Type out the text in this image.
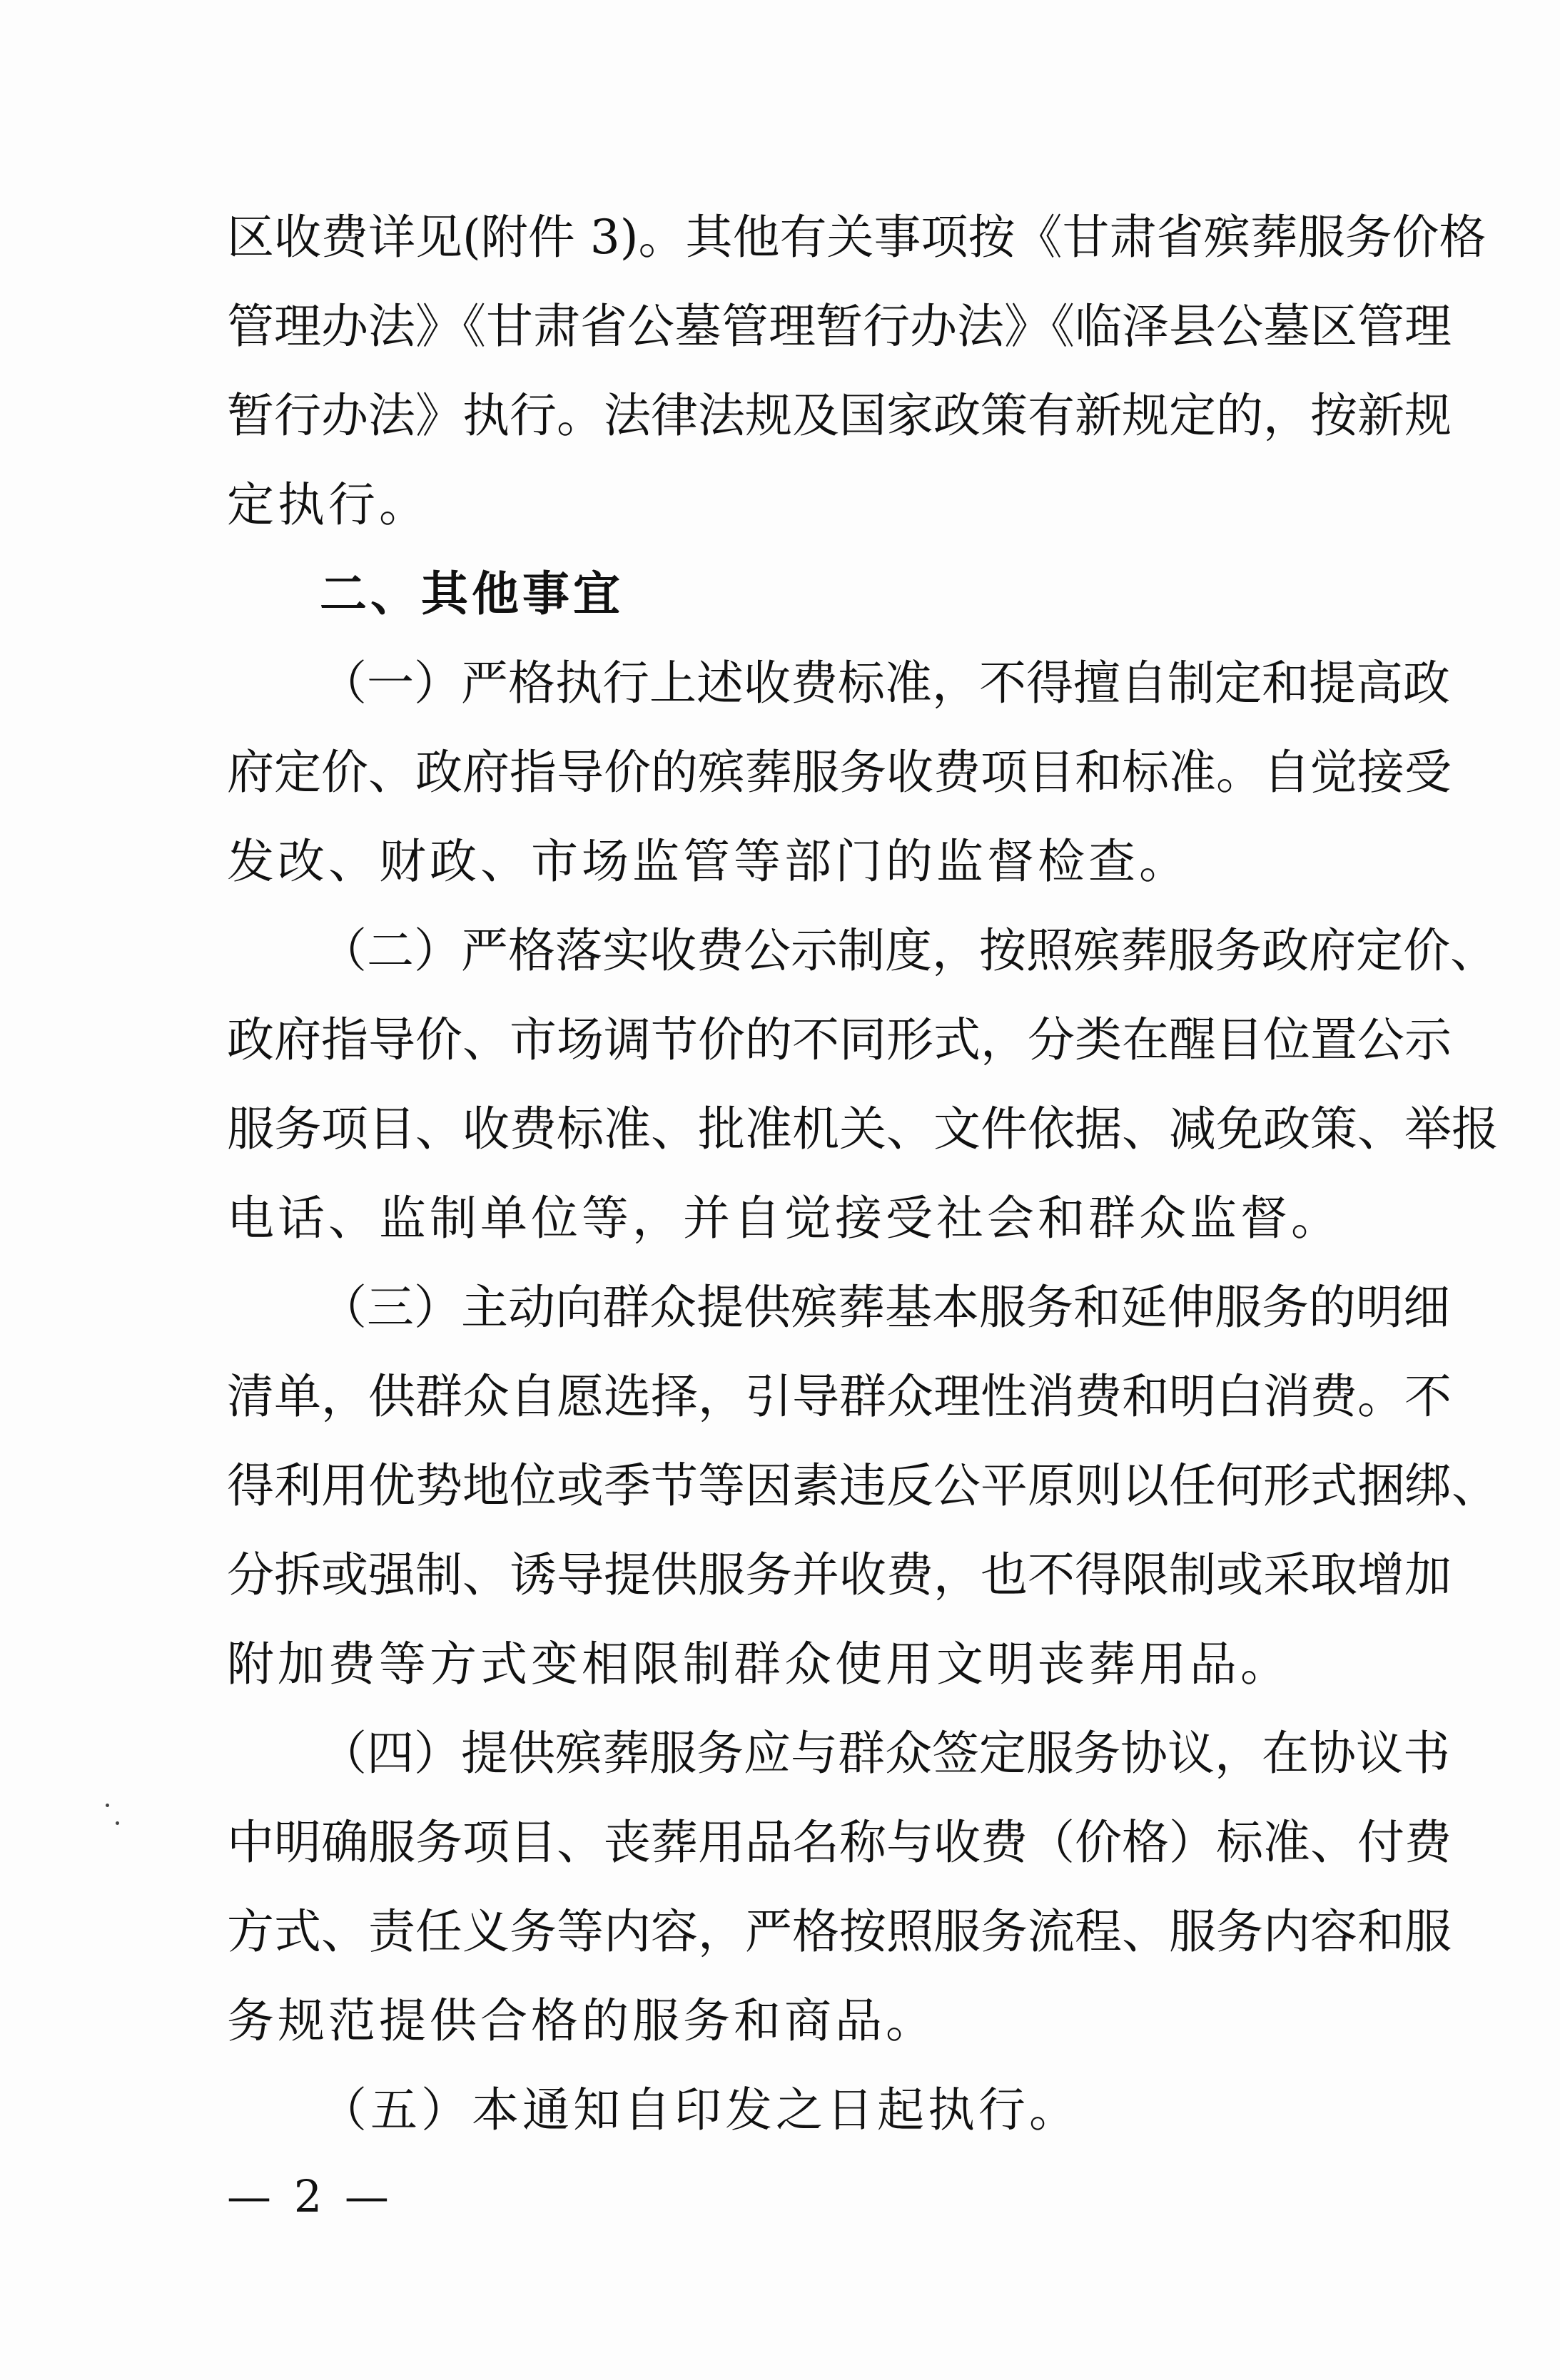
区收费详见(附件 3)。其他有关事项按《甘肃省殡葬服务价格
管理办法》《甘肃省公墓管理暂行办法》《临泽县公墓区管理
暂行办法》执行。法律法规及国家政策有新规定的，按新规
定执行。
二、其他事宜
（一）严格执行上述收费标准，不得擅自制定和提高政
府定价、政府指导价的殡葬服务收费项目和标准。自觉接受
发改、财政、市场监管等部门的监督检查。
（二）严格落实收费公示制度，按照殡葬服务政府定价、
政府指导价、市场调节价的不同形式，分类在醒目位置公示
服务项目、收费标准、批准机关、文件依据、减免政策、举报
电话、监制单位等，并自觉接受社会和群众监督。
（三）主动向群众提供殡葬基本服务和延伸服务的明细
清单，供群众自愿选择，引导群众理性消费和明白消费。不
得利用优势地位或季节等因素违反公平原则以任何形式捆绑、
分拆或强制、诱导提供服务并收费，也不得限制或采取增加
附加费等方式变相限制群众使用文明丧葬用品。
（四）提供殡葬服务应与群众签定服务协议，在协议书
中明确服务项目、丧葬用品名称与收费（价格）标准、付费
方式、责任义务等内容，严格按照服务流程、服务内容和服
务规范提供合格的服务和商品。
（五）本通知自印发之日起执行。
— 2 —
